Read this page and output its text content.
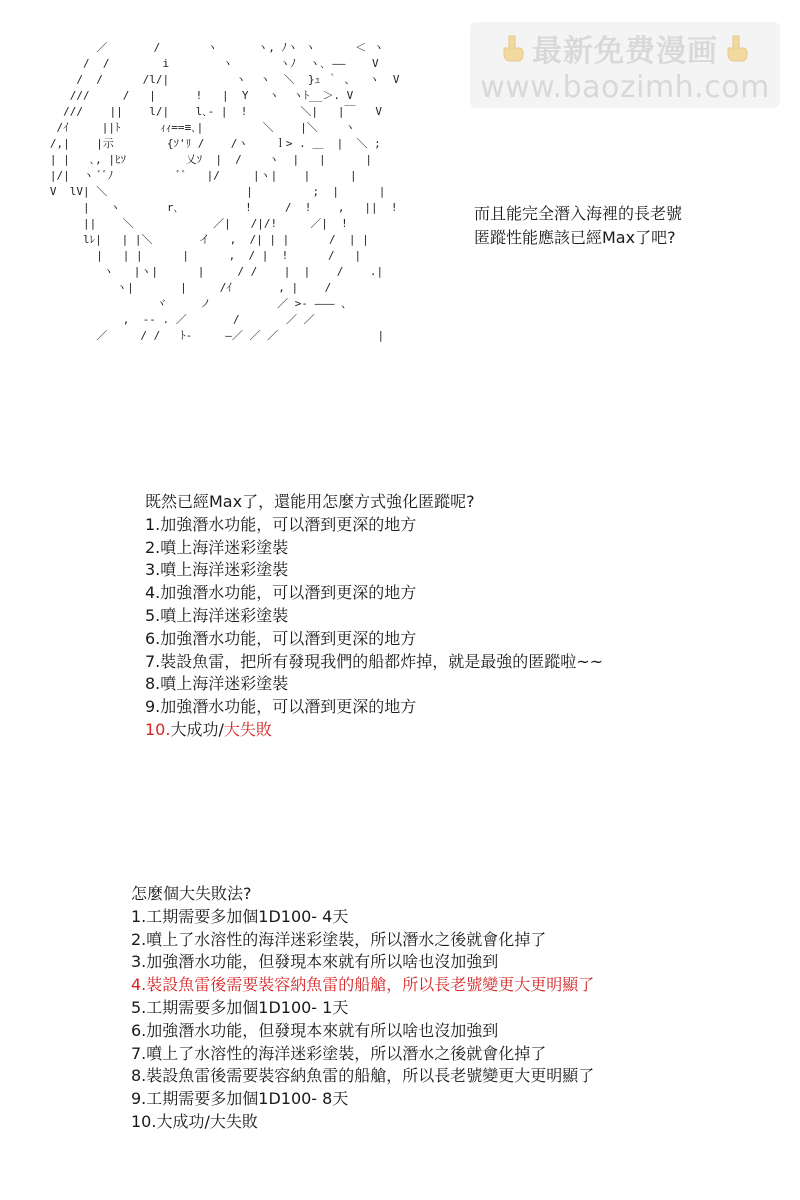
／       /       ヽ      ヽ, ﾉヽ ヽ      ＜ ヽ
/  /        i        ヽ       ヽﾉ  ヽ､ ――    V
/  /      /l/|          ヽ  ヽ  ＼  }ｭ ｀ 、  ヽ  V
///     /   |      !   |  Y   ヽ  ヽﾄ__＞. V
///    ||    l/|    l､- |  !        ＼|   |￣   V
/ｲ     ||ﾄ      ｨｨ==≡､|         ＼    |＼    ヽ
/,|    |示        {ｿ'ﾘ /    /ヽ    ｌ> . ＿  |  ＼ ;
| |   ､, |ﾋｿ         乂ｿ  |  /    ヽ  |   |      |
|/|  ヽ ﾞﾞﾉ          ﾞﾞ   |/     |ヽ|    |      |
V  lV| ＼                     |         ;  |      |
|   ヽ       r､          !     /  !    ,   ||  !
||    ＼            ／|   /|/!     ／|  !
lﾚ|   | |＼       イ   ,  /| | |      /  | |
|   | |      |      ,  / |  !      /   |
ヽ   |ヽ|      |     / /    |  |    /    .|
ヽ|       |     /ｲ       , |    /
ヾ     ノ          ／ >- ――― 、
,  -‐ . ／       /       ／ ／
／     / /   ﾄ-     ―／ ／ ／               |
最新免费漫画
www.baozimh.com
而且能完全潛入海裡的長老號
匿蹤性能應該已經Max了吧?
既然已經Max了，還能用怎麼方式強化匿蹤呢?
1.加強潛水功能，可以潛到更深的地方
2.噴上海洋迷彩塗裝
3.噴上海洋迷彩塗裝
4.加強潛水功能，可以潛到更深的地方
5.噴上海洋迷彩塗裝
6.加強潛水功能，可以潛到更深的地方
7.裝設魚雷，把所有發現我們的船都炸掉，就是最強的匿蹤啦~~
8.噴上海洋迷彩塗裝
9.加強潛水功能，可以潛到更深的地方
10.大成功/大失敗
怎麼個大失敗法?
1.工期需要多加個1D100- 4天
2.噴上了水溶性的海洋迷彩塗裝，所以潛水之後就會化掉了
3.加強潛水功能，但發現本來就有所以啥也沒加強到
4.裝設魚雷後需要裝容納魚雷的船艙，所以長老號變更大更明顯了
5.工期需要多加個1D100- 1天
6.加強潛水功能，但發現本來就有所以啥也沒加強到
7.噴上了水溶性的海洋迷彩塗裝，所以潛水之後就會化掉了
8.裝設魚雷後需要裝容納魚雷的船艙，所以長老號變更大更明顯了
9.工期需要多加個1D100- 8天
10.大成功/大失敗
